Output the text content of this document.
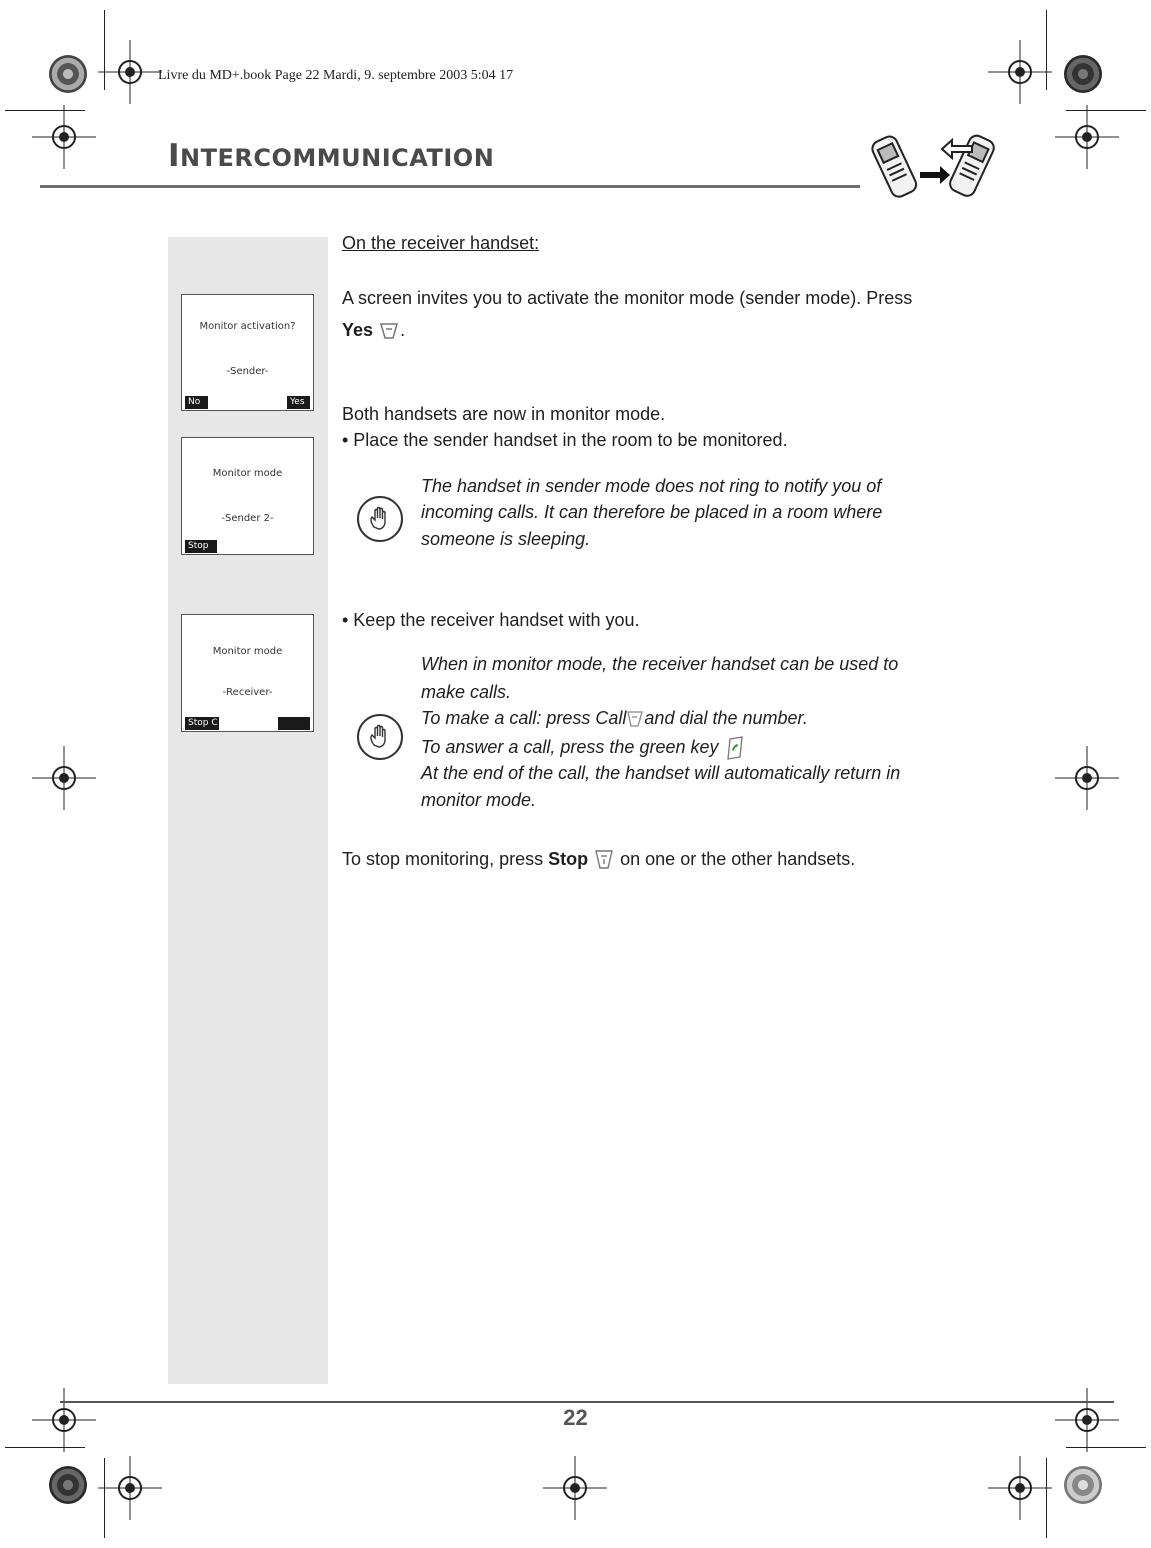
Livre du MD+.book Page 22 Mardi, 9. septembre 2003 5:04 17
INTERCOMMUNICATION
Monitor activation?
-Sender-
No	Yes
Monitor mode
-Sender 2-
Stop
Monitor mode
-Receiver-
Stop C
On the receiver handset:
A screen invites you to activate the monitor mode (sender mode). Press
Yes .
Both handsets are now in monitor mode.
• Place the sender handset in the room to be monitored.
The handset in sender mode does not ring to notify you of
incoming calls. It can therefore be placed in a room where
someone is sleeping.
• Keep the receiver handset with you.
When in monitor mode, the receiver handset can be used to
make calls.
To make a call: press Call and dial the number.
To answer a call, press the green key
At the end of the call, the handset will automatically return in
monitor mode.
To stop monitoring, press Stop on one or the other handsets.
22
